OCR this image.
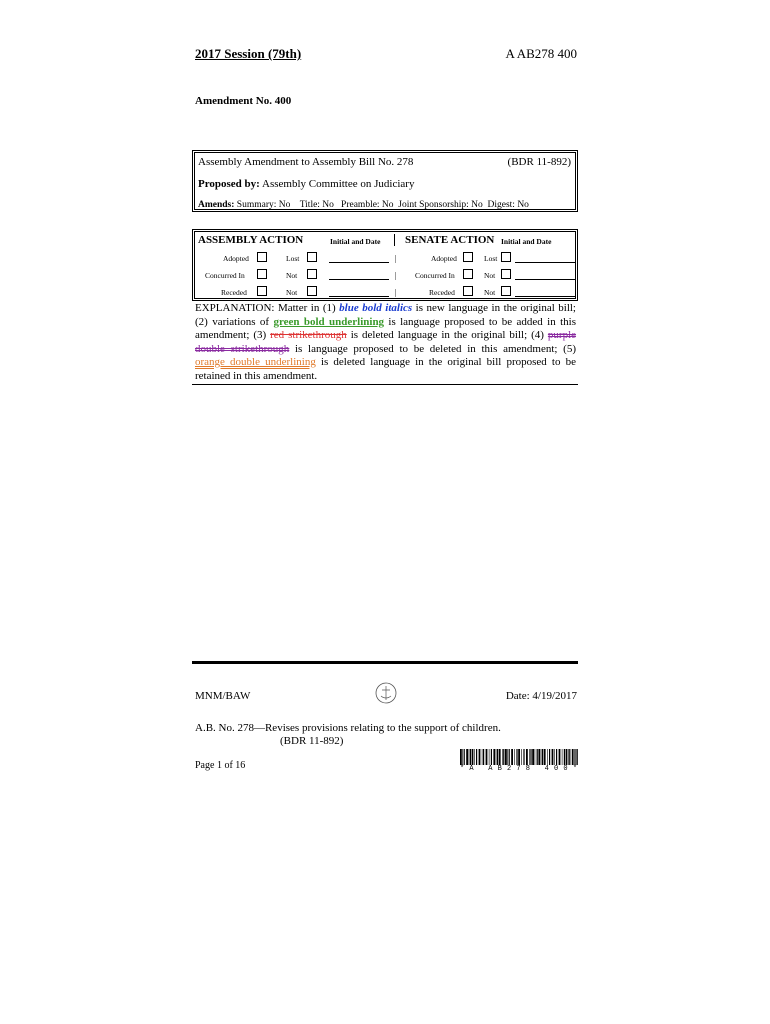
2017 Session (79th)	A AB278 400
Amendment No. 400
Assembly Amendment to Assembly Bill No. 278	(BDR 11-892)
Proposed by: Assembly Committee on Judiciary
Amends: Summary: No    Title: No   Preamble: No  Joint Sponsorship: No  Digest: No
ASSEMBLY ACTION	Initial and Date SENATE ACTION Initial and Date
Adopted	Lost	|	Adopted	Lost
Concurred In	Not	| Concurred In	Not
Receded	Not	|	Receded	Not
EXPLANATION: Matter in (1) blue bold italics is new language in the original bill; (2) variations of green bold underlining is language proposed to be added in this amendment; (3) red strikethrough is deleted language in the original bill; (4) purple double strikethrough is language proposed to be deleted in this amendment; (5) orange double underlining is deleted language in the original bill proposed to be retained in this amendment.
MNM/BAW	Date: 4/19/2017
A.B. No. 278—Revises provisions relating to the support of children.
(BDR 11-892)
Page 1 of 16	* A   A B 2 7 8   4 0 0 *
